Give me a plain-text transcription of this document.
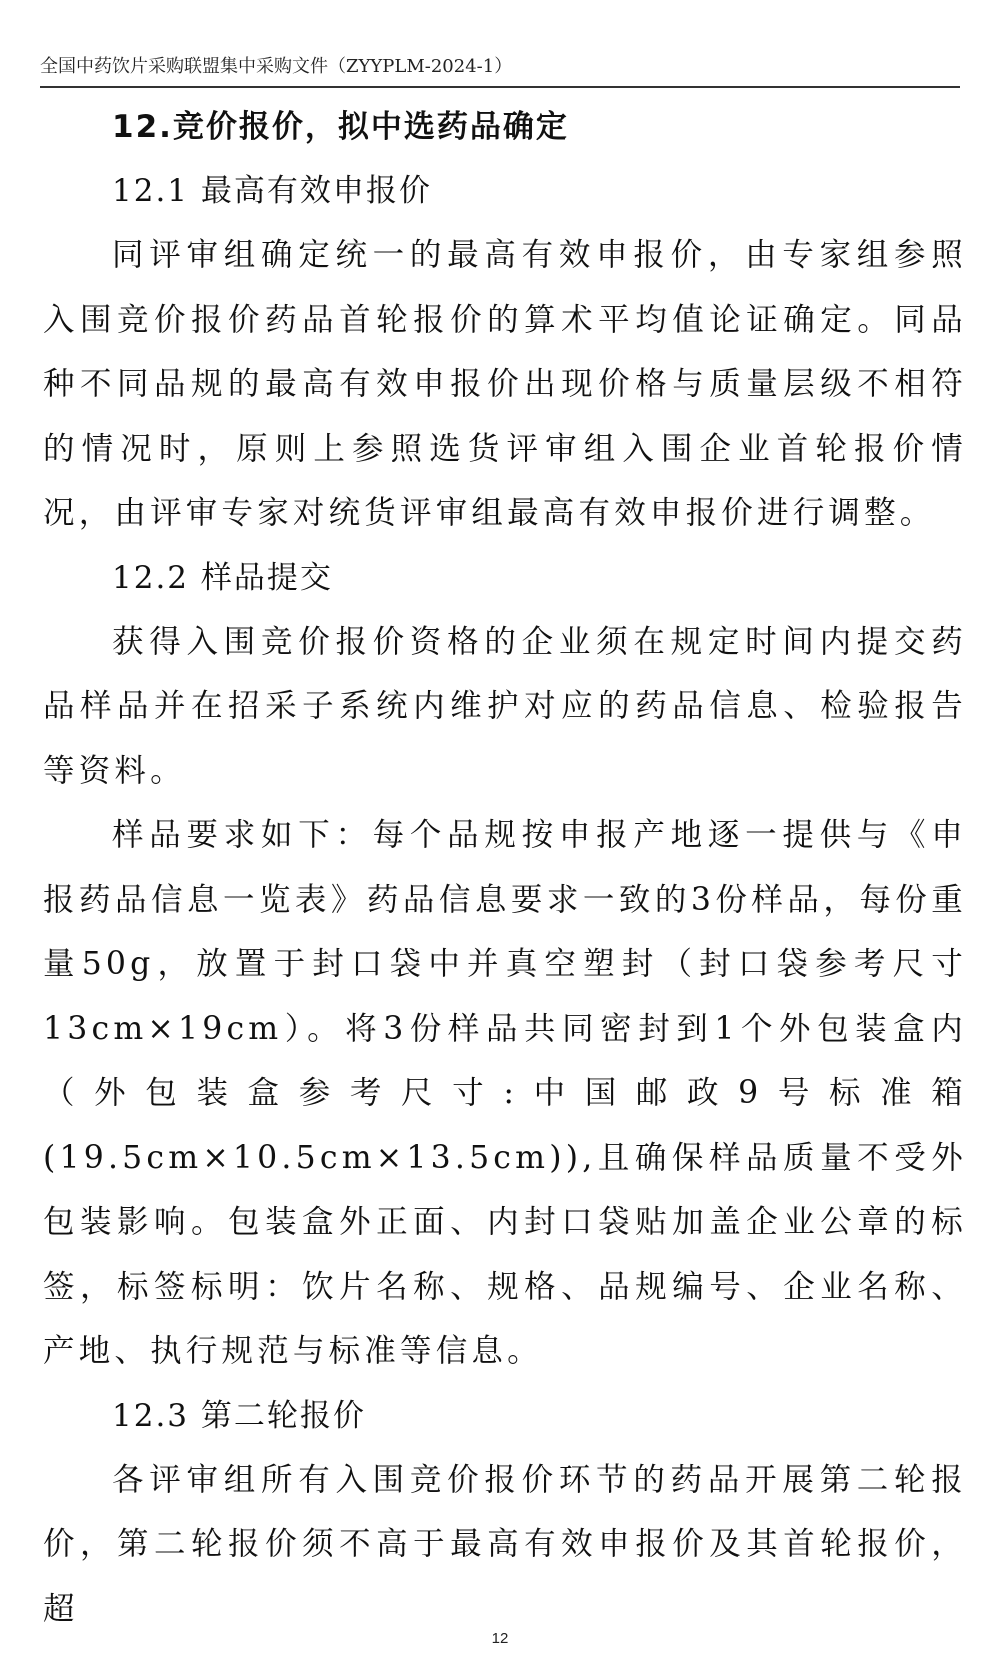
全国中药饮片采购联盟集中采购文件（ZYYPLM-2024-1）
12.竞价报价，拟中选药品确定
12.1 最高有效申报价

同评审组确定统一的最高有效申报价，由专家组参照入围竞价报价药品首轮报价的算术平均值论证确定。同品种不同品规的最高有效申报价出现价格与质量层级不相符的情况时，原则上参照选货评审组入围企业首轮报价情况，由评审专家对统货评审组最高有效申报价进行调整。

12.2 样品提交

获得入围竞价报价资格的企业须在规定时间内提交药品样品并在招采子系统内维护对应的药品信息、检验报告等资料。

样品要求如下：每个品规按申报产地逐一提供与《申报药品信息一览表》药品信息要求一致的3份样品，每份重量50g，放置于封口袋中并真空塑封（封口袋参考尺寸13cm×19cm）。将3份样品共同密封到1个外包装盒内（外包装盒参考尺寸:中国邮政9号标准箱(19.5cm×10.5cm×13.5cm)),且确保样品质量不受外包装影响。包装盒外正面、内封口袋贴加盖企业公章的标签，标签标明：饮片名称、规格、品规编号、企业名称、产地、执行规范与标准等信息。

12.3 第二轮报价

各评审组所有入围竞价报价环节的药品开展第二轮报价，第二轮报价须不高于最高有效申报价及其首轮报价，超

12
